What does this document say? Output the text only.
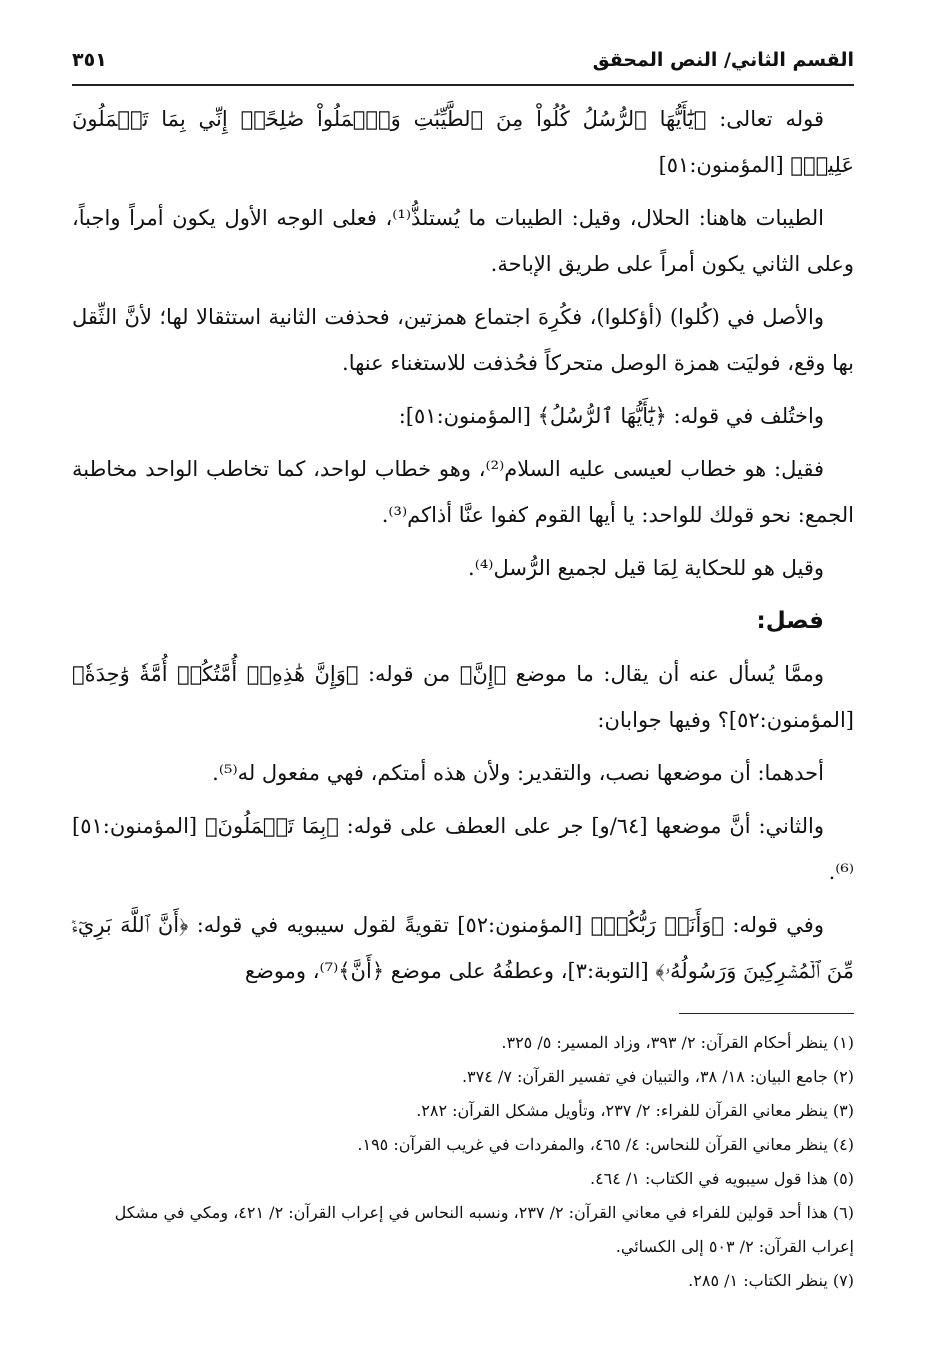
القسم الثاني/ النص المحقق
٣٥١

قوله تعالى: ﴿يَٰٓأَيُّهَا ٱلرُّسُلُ كُلُواْ مِنَ ٱلطَّيِّبَٰتِ وَٱعۡمَلُواْ صَٰلِحًاۖ إِنِّي بِمَا تَعۡمَلُونَ عَلِيمٞ﴾ [المؤمنون:٥١]

الطيبات هاهنا: الحلال، وقيل: الطيبات ما يُستلذُّ⁽¹⁾، فعلى الوجه الأول يكون أمراً واجباً، وعلى الثاني يكون أمراً على طريق الإباحة.

والأصل في (كُلوا) (أؤكلوا)، فكُرِهَ اجتماع همزتين، فحذفت الثانية استثقالا لها؛ لأنَّ الثِّقل بها وقع، فوليَت همزة الوصل متحركاً فحُذفت للاستغناء عنها.

واختُلف في قوله: ﴿يَٰٓأَيُّهَا ٱلرُّسُلُ﴾ [المؤمنون:٥١]:

فقيل: هو خطاب لعيسى عليه السلام⁽²⁾، وهو خطاب لواحد، كما تخاطب الواحد مخاطبة الجمع: نحو قولك للواحد: يا أيها القوم كفوا عنَّا أذاكم⁽³⁾.

وقيل هو للحكاية لِمَا قيل لجميع الرُّسل⁽⁴⁾.

فصل:

وممَّا يُسأل عنه أن يقال: ما موضع ﴿إِنَّ﴾ من قوله: ﴿وَإِنَّ هَٰذِهِۦٓ أُمَّتُكُمۡ أُمَّةٗ وَٰحِدَةٗ﴾ [المؤمنون:٥٢]؟ وفيها جوابان:

أحدهما: أن موضعها نصب، والتقدير: ولأن هذه أمتكم، فهي مفعول له⁽⁵⁾.

والثاني: أنَّ موضعها [٦٤/و] جر على العطف على قوله: ﴿بِمَا تَعۡمَلُونَ﴾ [المؤمنون:٥١]⁽⁶⁾.

وفي قوله: ﴿وَأَنَا۠ رَبُّكُمۡ﴾ [المؤمنون:٥٢] تقويةً لقول سيبويه في قوله: ﴿أَنَّ ٱللَّهَ بَرِيٓءٞ مِّنَ ٱلۡمُشۡرِكِينَ وَرَسُولُهُۥ﴾ [التوبة:٣]، وعطفُهُ على موضع ﴿أَنَّ﴾⁽⁷⁾، وموضع

(١) ينظر أحكام القرآن: ٢/ ٣٩٣، وزاد المسير: ٥/ ٣٢٥.

(٢) جامع البيان: ١٨/ ٣٨، والتبيان في تفسير القرآن: ٧/ ٣٧٤.

(٣) ينظر معاني القرآن للفراء: ٢/ ٢٣٧، وتأويل مشكل القرآن: ٢٨٢.

(٤) ينظر معاني القرآن للنحاس: ٤/ ٤٦٥، والمفردات في غريب القرآن: ١٩٥.

(٥) هذا قول سيبويه في الكتاب: ١/ ٤٦٤.

(٦) هذا أحد قولين للفراء في معاني القرآن: ٢/ ٢٣٧، ونسبه النحاس في إعراب القرآن: ٢/ ٤٢١، ومكي في مشكل إعراب القرآن: ٢/ ٥٠٣ إلى الكسائي.

(٧) ينظر الكتاب: ١/ ٢٨٥.
